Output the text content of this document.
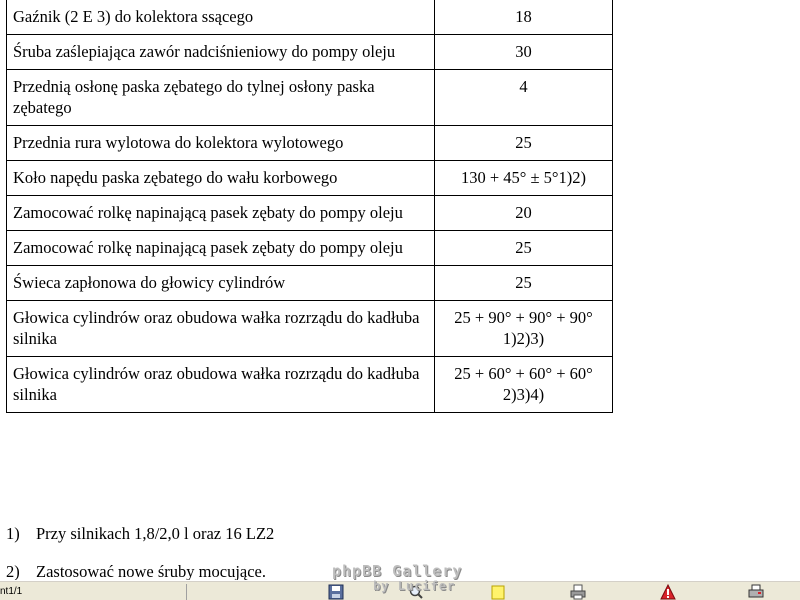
Gaźnik (2 E 3) do kolektora ssącego	18
Śruba zaślepiająca zawór nadciśnieniowy do pompy oleju	30
Przednią osłonę paska zębatego do tylnej osłony paska zębatego	4
Przednia rura wylotowa do kolektora wylotowego	25
Koło napędu paska zębatego do wału korbowego	130 + 45° ± 5°1)2)
Zamocować rolkę napinającą pasek zębaty do pompy oleju	20
Zamocować rolkę napinającą pasek zębaty do pompy oleju	25
Świeca zapłonowa do głowicy cylindrów	25
Głowica cylindrów oraz obudowa wałka rozrządu do kadłuba silnika	25 + 90° + 90° + 90° 1)2)3)
Głowica cylindrów oraz obudowa wałka rozrządu do kadłuba silnika	25 + 60° + 60° + 60° 2)3)4)
1) Przy silnikach 1,8/2,0 l oraz 16 LZ2
2) Zastosować nowe śruby mocujące.	phpBB Gallery
by Lucifer
nt1/1
